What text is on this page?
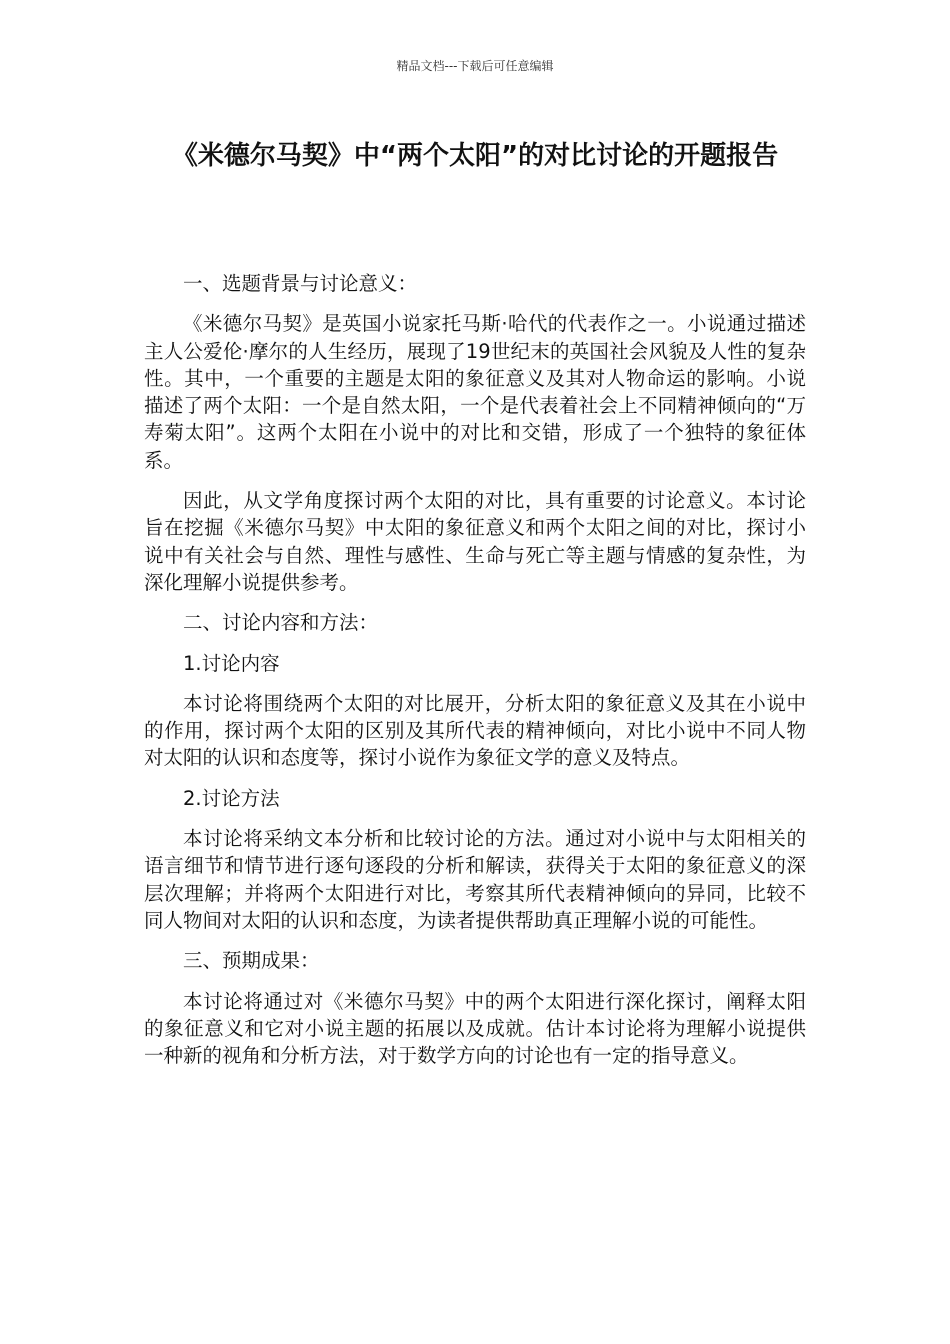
精品文档---下载后可任意编辑
《米德尔马契》中“两个太阳”的对比讨论的开题报告

一、选题背景与讨论意义：

《米德尔马契》是英国小说家托马斯·哈代的代表作之一。小说通过描述主人公爱伦·摩尔的人生经历，展现了19世纪末的英国社会风貌及人性的复杂性。其中，一个重要的主题是太阳的象征意义及其对人物命运的影响。小说描述了两个太阳：一个是自然太阳，一个是代表着社会上不同精神倾向的“万寿菊太阳”。这两个太阳在小说中的对比和交错，形成了一个独特的象征体系。

因此，从文学角度探讨两个太阳的对比，具有重要的讨论意义。本讨论旨在挖掘《米德尔马契》中太阳的象征意义和两个太阳之间的对比，探讨小说中有关社会与自然、理性与感性、生命与死亡等主题与情感的复杂性，为深化理解小说提供参考。

二、讨论内容和方法：

1.讨论内容

本讨论将围绕两个太阳的对比展开，分析太阳的象征意义及其在小说中的作用，探讨两个太阳的区别及其所代表的精神倾向，对比小说中不同人物对太阳的认识和态度等，探讨小说作为象征文学的意义及特点。

2.讨论方法

本讨论将采纳文本分析和比较讨论的方法。通过对小说中与太阳相关的语言细节和情节进行逐句逐段的分析和解读，获得关于太阳的象征意义的深层次理解；并将两个太阳进行对比，考察其所代表精神倾向的异同，比较不同人物间对太阳的认识和态度，为读者提供帮助真正理解小说的可能性。

三、预期成果：

本讨论将通过对《米德尔马契》中的两个太阳进行深化探讨，阐释太阳的象征意义和它对小说主题的拓展以及成就。估计本讨论将为理解小说提供一种新的视角和分析方法，对于数学方向的讨论也有一定的指导意义。
